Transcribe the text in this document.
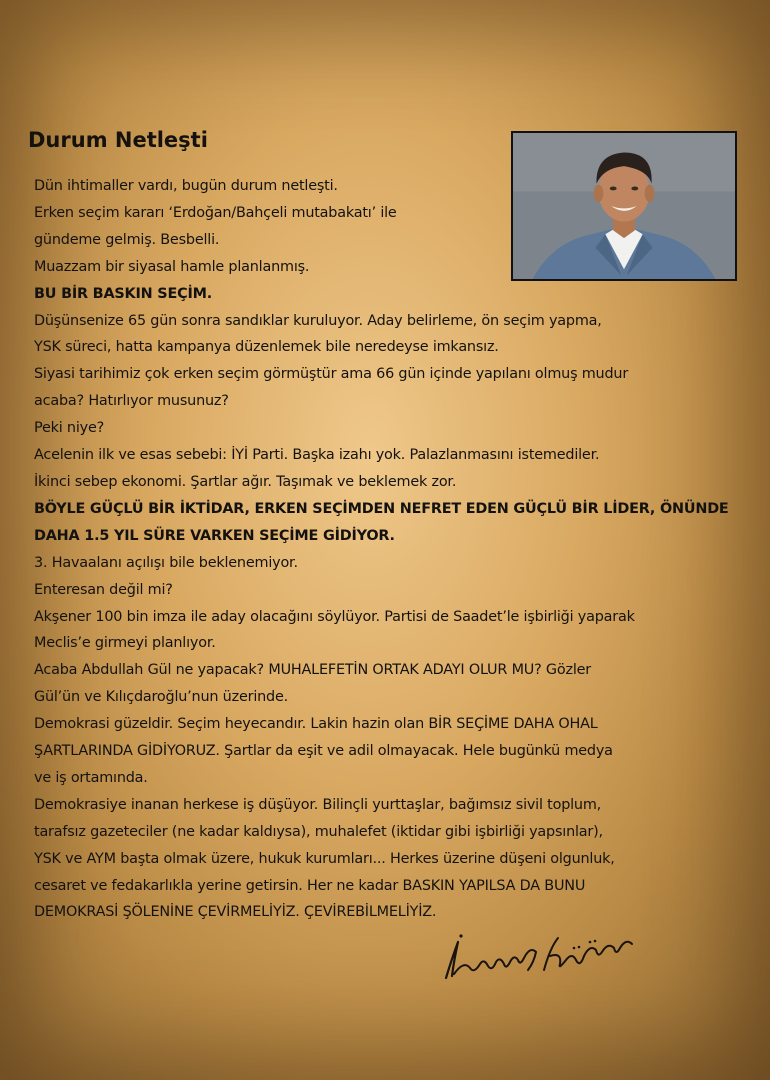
Durum Netleşti
Dün ihtimaller vardı, bugün durum netleşti.
Erken seçim kararı ‘Erdoğan/Bahçeli mutabakatı’ ile
gündeme gelmiş. Besbelli.
Muazzam bir siyasal hamle planlanmış.
BU BİR BASKIN SEÇİM.
Düşünsenize 65 gün sonra sandıklar kuruluyor. Aday belirleme, ön seçim yapma,
YSK süreci, hatta kampanya düzenlemek bile neredeyse imkansız.
Siyasi tarihimiz çok erken seçim görmüştür ama 66 gün içinde yapılanı olmuş mudur
acaba? Hatırlıyor musunuz?
Peki niye?
Acelenin ilk ve esas sebebi: İYİ Parti. Başka izahı yok. Palazlanmasını istemediler.
İkinci sebep ekonomi. Şartlar ağır. Taşımak ve beklemek zor.
BÖYLE GÜÇLÜ BİR İKTİDAR, ERKEN SEÇİMDEN NEFRET EDEN GÜÇLÜ BİR LİDER, ÖNÜNDE
DAHA 1.5 YIL SÜRE VARKEN SEÇİME GİDİYOR.
3. Havaalanı açılışı bile beklenemiyor.
Enteresan değil mi?
Akşener 100 bin imza ile aday olacağını söylüyor. Partisi de Saadet’le işbirliği yaparak
Meclis’e girmeyi planlıyor.
Acaba Abdullah Gül ne yapacak? MUHALEFETİN ORTAK ADAYI OLUR MU? Gözler
Gül’ün ve Kılıçdaroğlu’nun üzerinde.
Demokrasi güzeldir. Seçim heyecandır. Lakin hazin olan BİR SEÇİME DAHA OHAL
ŞARTLARINDA GİDİYORUZ. Şartlar da eşit ve adil olmayacak. Hele bugünkü medya
ve iş ortamında.
Demokrasiye inanan herkese iş düşüyor. Bilinçli yurttaşlar, bağımsız sivil toplum,
tarafsız gazeteciler (ne kadar kaldıysa), muhalefet (iktidar gibi işbirliği yapsınlar),
YSK ve AYM başta olmak üzere, hukuk kurumları... Herkes üzerine düşeni olgunluk,
cesaret ve fedakarlıkla yerine getirsin. Her ne kadar BASKIN YAPILSA DA BUNU
DEMOKRASİ ŞÖLENİNE ÇEVİRMELİYİZ. ÇEVİREBİLMELİYİZ.
